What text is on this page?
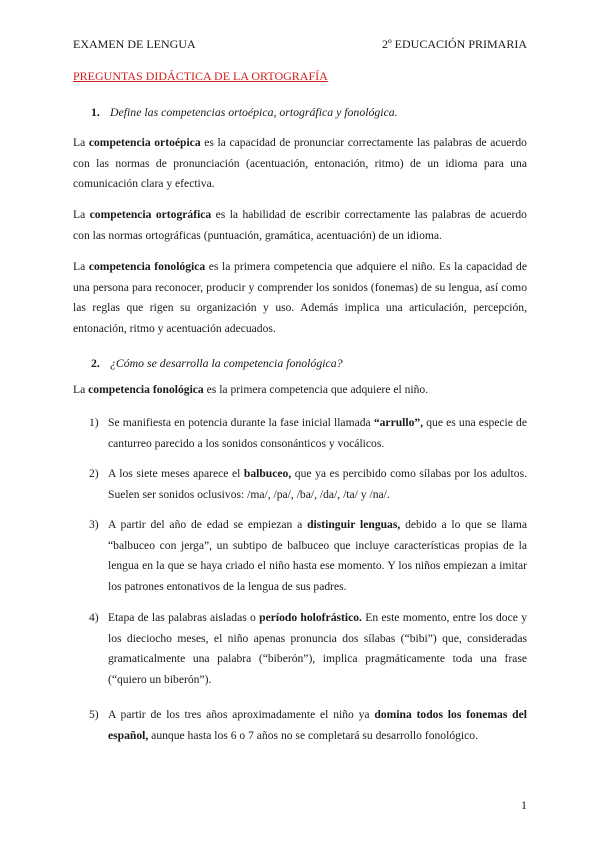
EXAMEN DE LENGUA	2º EDUCACIÓN PRIMARIA
PREGUNTAS DIDÁCTICA DE LA ORTOGRAFÍA
1. Define las competencias ortoépica, ortográfica y fonológica.
La competencia ortoépica es la capacidad de pronunciar correctamente las palabras de acuerdo con las normas de pronunciación (acentuación, entonación, ritmo) de un idioma para una comunicación clara y efectiva.
La competencia ortográfica es la habilidad de escribir correctamente las palabras de acuerdo con las normas ortográficas (puntuación, gramática, acentuación) de un idioma.
La competencia fonológica es la primera competencia que adquiere el niño. Es la capacidad de una persona para reconocer, producir y comprender los sonidos (fonemas) de su lengua, así como las reglas que rigen su organización y uso. Además implica una articulación, percepción, entonación, ritmo y acentuación adecuados.
2. ¿Cómo se desarrolla la competencia fonológica?
La competencia fonológica es la primera competencia que adquiere el niño.
1) Se manifiesta en potencia durante la fase inicial llamada “arrullo”, que es una especie de canturreo parecido a los sonidos consonánticos y vocálicos.
2) A los siete meses aparece el balbuceo, que ya es percibido como sílabas por los adultos. Suelen ser sonidos oclusivos: /ma/, /pa/, /ba/, /da/, /ta/ y /na/.
3) A partir del año de edad se empiezan a distinguir lenguas, debido a lo que se llama “balbuceo con jerga”, un subtipo de balbuceo que incluye características propias de la lengua en la que se haya criado el niño hasta ese momento. Y los niños empiezan a imitar los patrones entonativos de la lengua de sus padres.
4) Etapa de las palabras aisladas o período holofrástico. En este momento, entre los doce y los dieciocho meses, el niño apenas pronuncia dos sílabas (“bibi”) que, consideradas gramaticalmente una palabra (“biberón”), implica pragmáticamente toda una frase (“quiero un biberón”).
5) A partir de los tres años aproximadamente el niño ya domina todos los fonemas del español, aunque hasta los 6 o 7 años no se completará su desarrollo fonológico.
1
